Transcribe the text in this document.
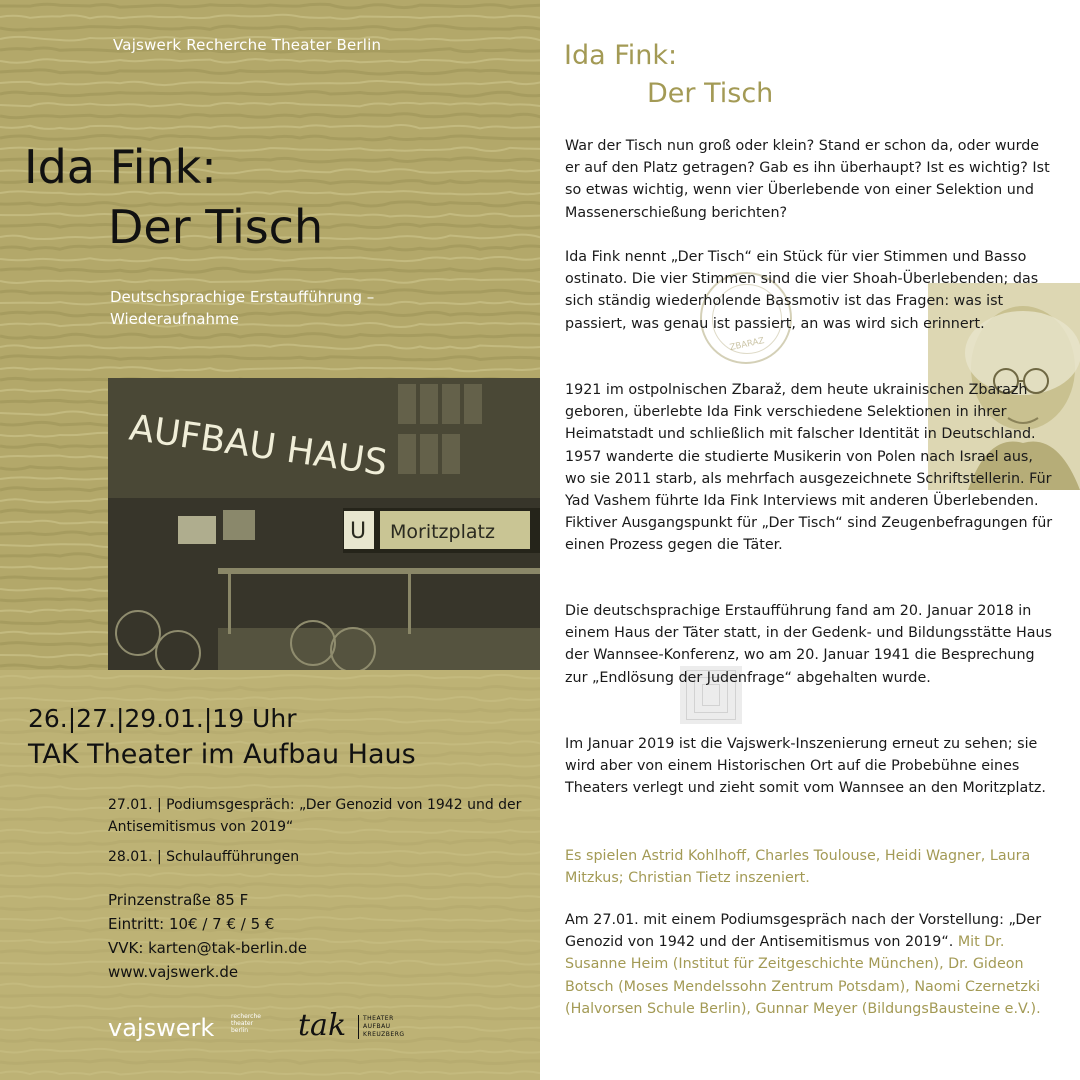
Vajswerk Recherche Theater Berlin
Ida Fink:
Der Tisch
Deutschsprachige Erstaufführung – Wiederaufnahme
AUFBAU HAUS
U Moritzplatz
26.|27.|29.01.|19 Uhr
TAK Theater im Aufbau Haus
27.01. | Podiumsgespräch: „Der Genozid von 1942 und der Antisemitismus von 2019“
28.01. | Schulaufführungen
Prinzenstraße 85 F
Eintritt: 10€ / 7 € / 5 €
VVK: karten@tak-berlin.de
www.vajswerk.de
vajswerk	recherche
theater
berlin	tak	THEATER
AUFBAU
KREUZBERG
Ida Fink:
Der Tisch
ZBARAZ

War der Tisch nun groß oder klein? Stand er schon da, oder wurde er auf den Platz getragen? Gab es ihn überhaupt? Ist es wichtig? Ist so etwas wichtig, wenn vier Überlebende von einer Selektion und Massenerschießung berichten?

Ida Fink nennt „Der Tisch“ ein Stück für vier Stimmen und Basso ostinato. Die vier Stimmen sind die vier Shoah-Überlebenden; das sich ständig wiederholende Bassmotiv ist das Fragen: was ist passiert, was genau ist passiert, an was wird sich erinnert.

1921 im ostpolnischen Zbaraž, dem heute ukrainischen Zbarazh geboren, überlebte Ida Fink verschiedene Selektionen in ihrer Heimatstadt und schließlich mit falscher Identität in Deutschland. 1957 wanderte die studierte Musikerin von Polen nach Israel aus, wo sie 2011 starb, als mehrfach ausgezeichnete Schriftstellerin. Für Yad Vashem führte Ida Fink Interviews mit anderen Überlebenden. Fiktiver Ausgangspunkt für „Der Tisch“ sind Zeugenbefragungen für einen Prozess gegen die Täter.

Die deutschsprachige Erstaufführung fand am 20. Januar 2018 in einem Haus der Täter statt, in der Gedenk- und Bildungsstätte Haus der Wannsee-Konferenz, wo am 20. Januar 1941 die Besprechung zur „Endlösung der Judenfrage“ abgehalten wurde.

Im Januar 2019 ist die Vajswerk-Inszenierung erneut zu sehen; sie wird aber von einem Historischen Ort auf die Probebühne eines Theaters verlegt und zieht somit vom Wannsee an den Moritzplatz.

Es spielen Astrid Kohlhoff, Charles Toulouse, Heidi Wagner, Laura Mitzkus; Christian Tietz inszeniert.

Am 27.01. mit einem Podiumsgespräch nach der Vorstellung: „Der Genozid von 1942 und der Antisemitismus von 2019“. Mit Dr. Susanne Heim (Institut für Zeitgeschichte München), Dr. Gideon Botsch (Moses Mendelssohn Zentrum Potsdam), Naomi Czernetzki (Halvorsen Schule Berlin), Gunnar Meyer (BildungsBausteine e.V.).
